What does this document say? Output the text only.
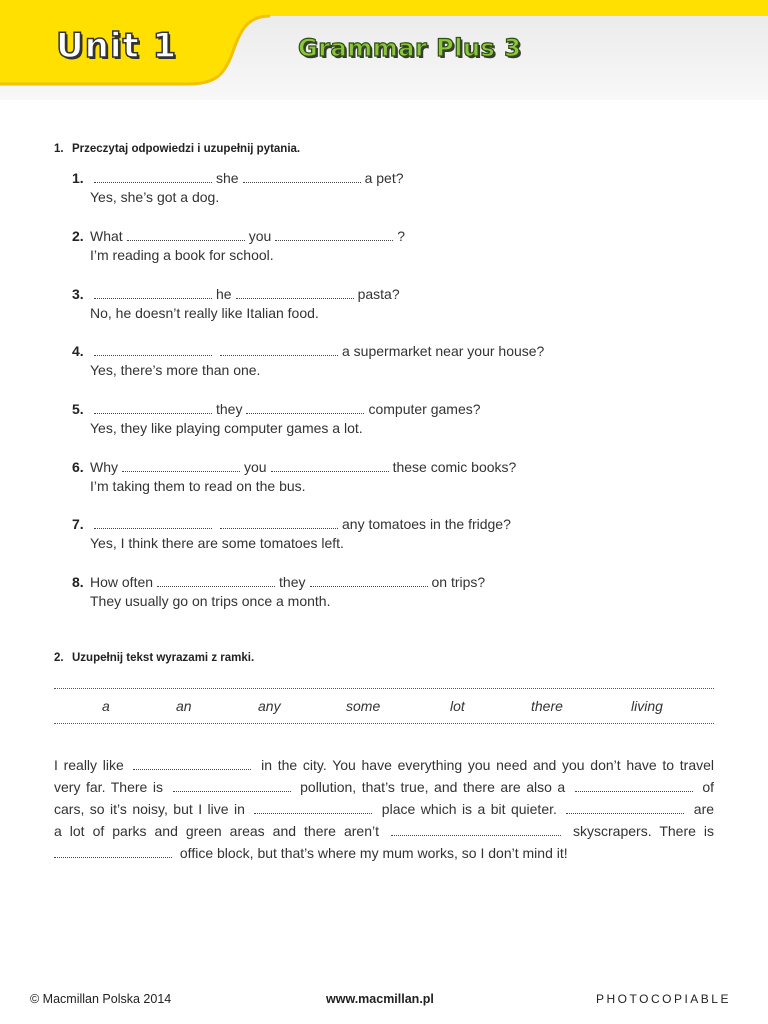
Unit 1	Grammar Plus 3
1. Przeczytaj odpowiedzi i uzupełnij pytania.
1.	she	a pet?
Yes, she’s got a dog.
2. What	you	?
I’m reading a book for school.
3.	he	pasta?
No, he doesn’t really like Italian food.
4.	a supermarket near your house?
Yes, there’s more than one.
5.	they	computer games?
Yes, they like playing computer games a lot.
6. Why	you	these comic books?
I’m taking them to read on the bus.
7.	any tomatoes in the fridge?
Yes, I think there are some tomatoes left.
8. How often	they	on trips?
They usually go on trips once a month.
2. Uzupełnij tekst wyrazami z ramki.
a	an	any	some	lot	there	living
I really like	in the city. You have everything you need and you don’t have to travel
very far. There is	pollution, that’s true, and there are also a	of
cars, so it’s noisy, but I live in	place which is a bit quieter.	are
a lot of parks and green areas and there aren’t	skyscrapers. There is
office block, but that’s where my mum works, so I don’t mind it!
© Macmillan Polska 2014	www.macmillan.pl	PHOTOCOPIABLE
